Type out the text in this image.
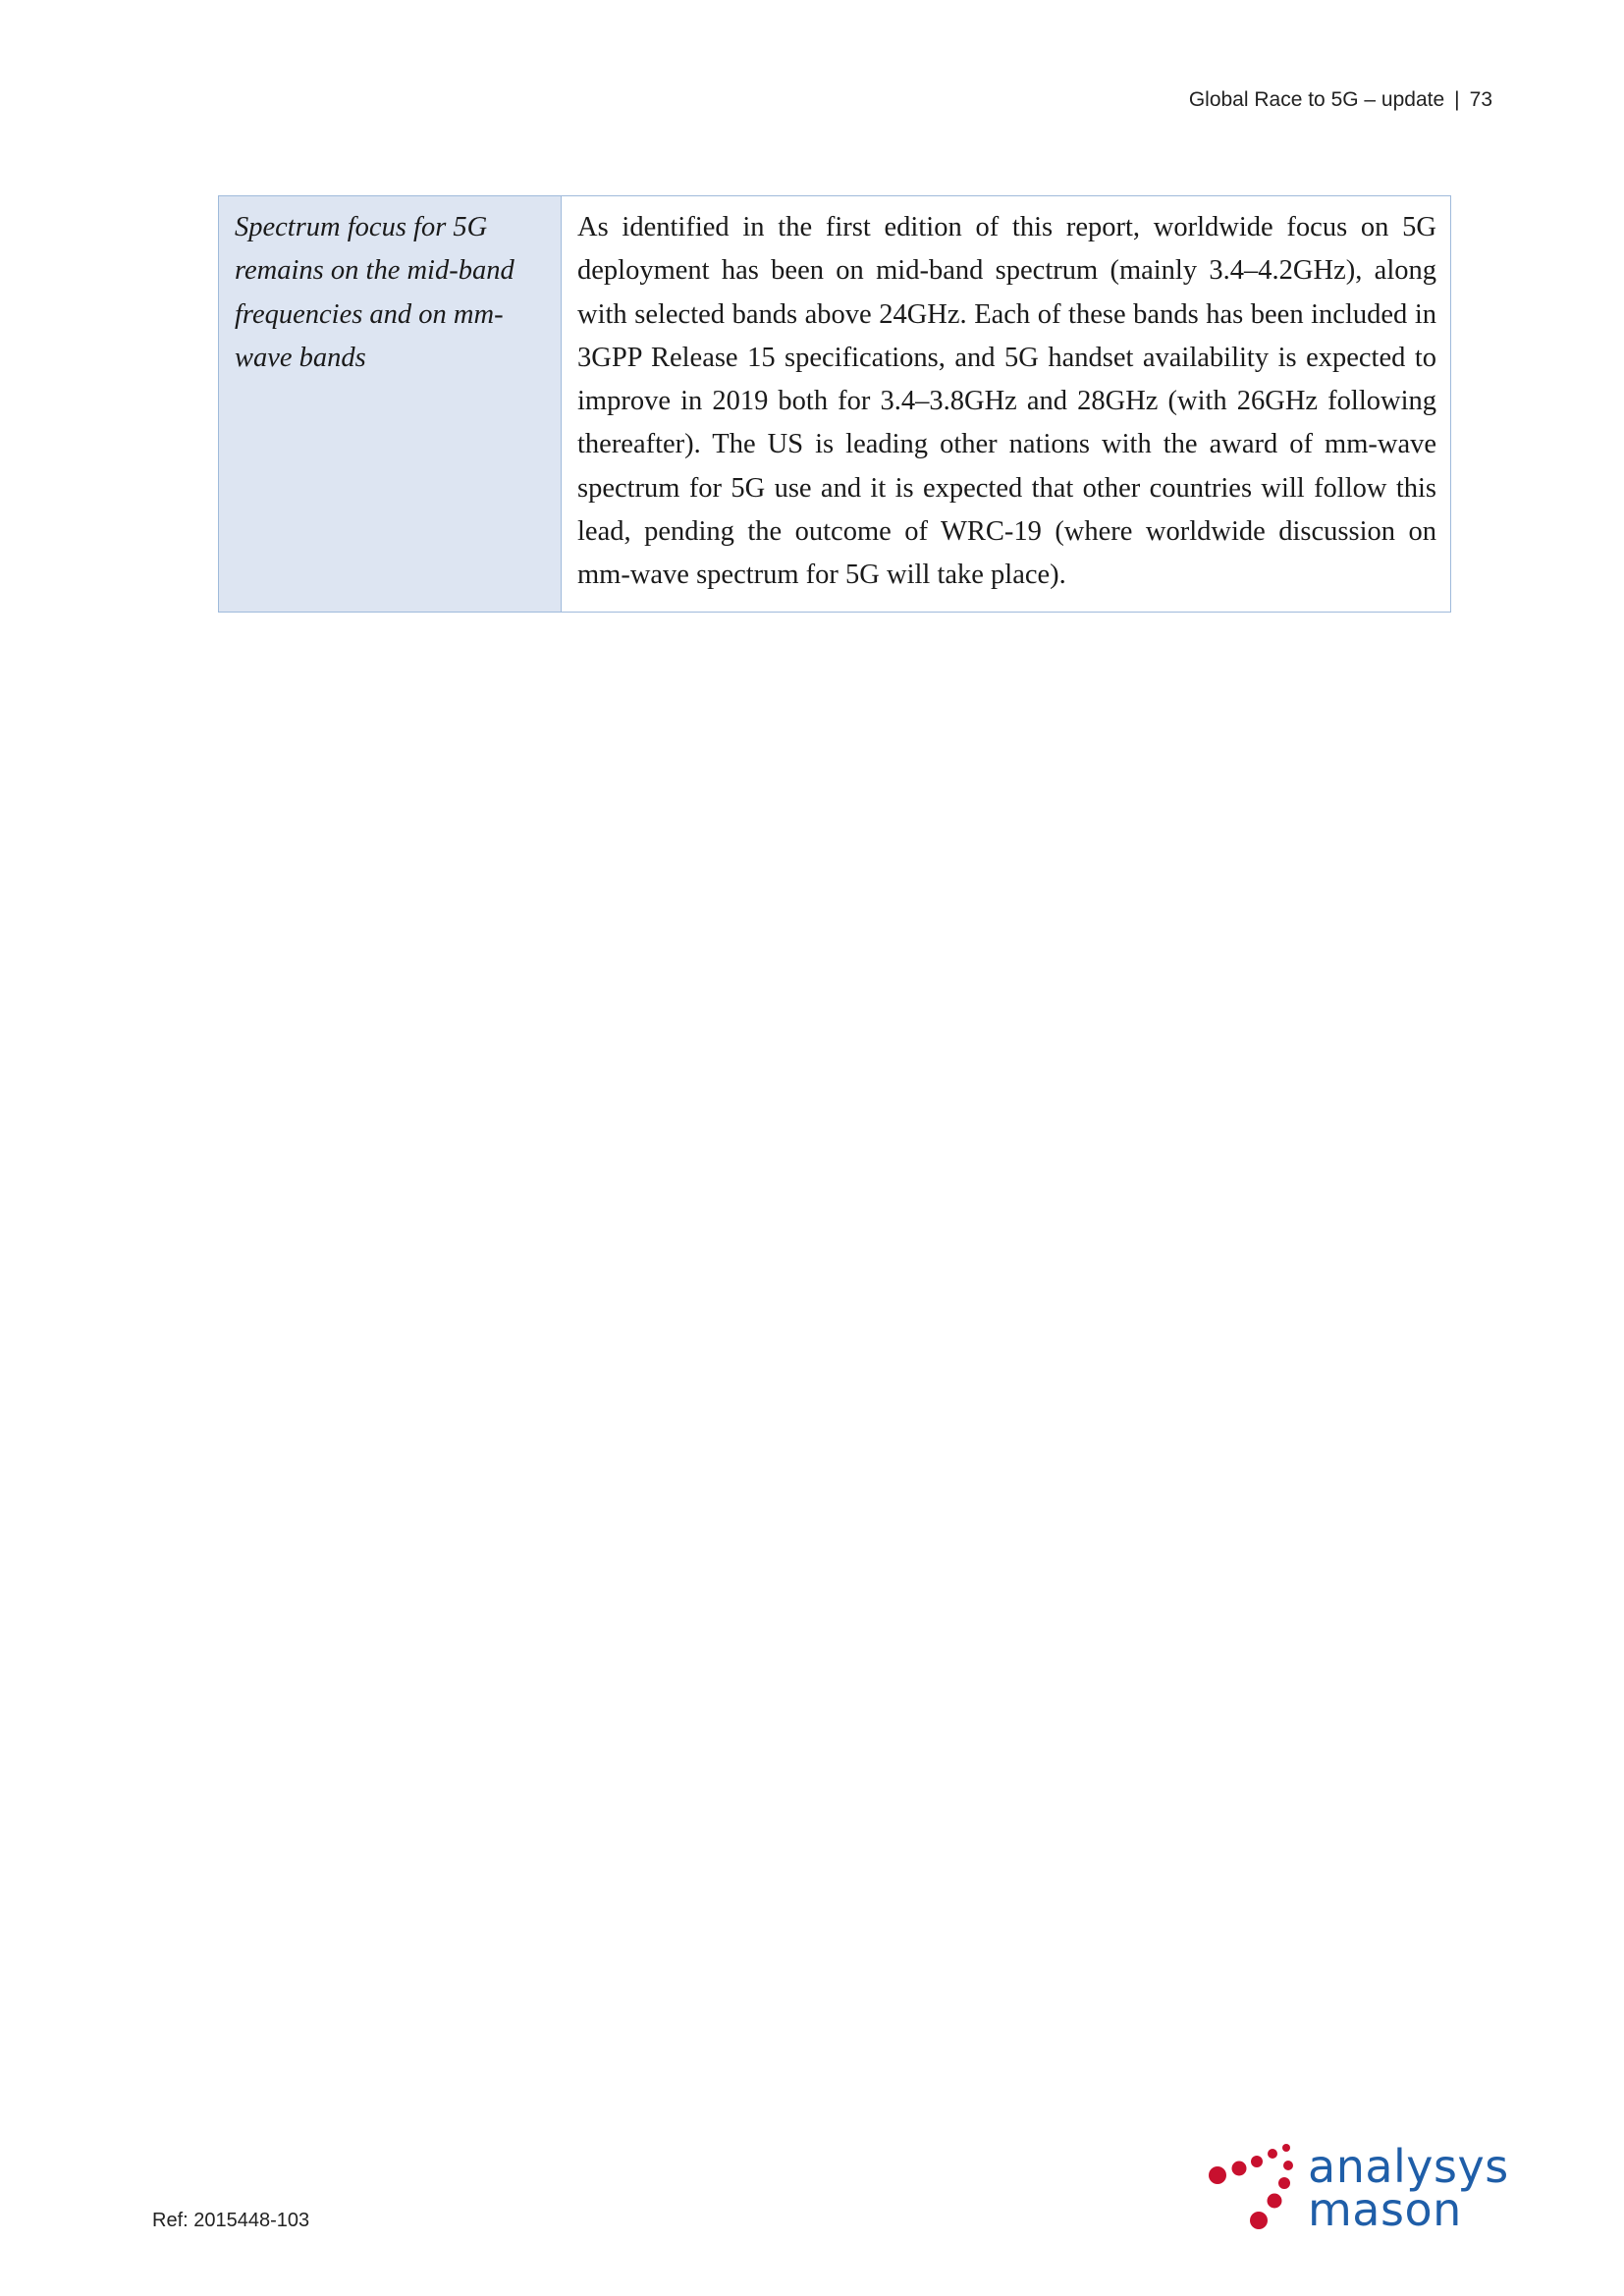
Global Race to 5G – update | 73
Spectrum focus for 5G remains on the mid-band frequencies and on mm-wave bands	As identified in the first edition of this report, worldwide focus on 5G deployment has been on mid-band spectrum (mainly 3.4–4.2GHz), along with selected bands above 24GHz. Each of these bands has been included in 3GPP Release 15 specifications, and 5G handset availability is expected to improve in 2019 both for 3.4–3.8GHz and 28GHz (with 26GHz following thereafter). The US is leading other nations with the award of mm-wave spectrum for 5G use and it is expected that other countries will follow this lead, pending the outcome of WRC-19 (where worldwide discussion on mm-wave spectrum for 5G will take place).
Ref: 2015448-103
analysys
mason
